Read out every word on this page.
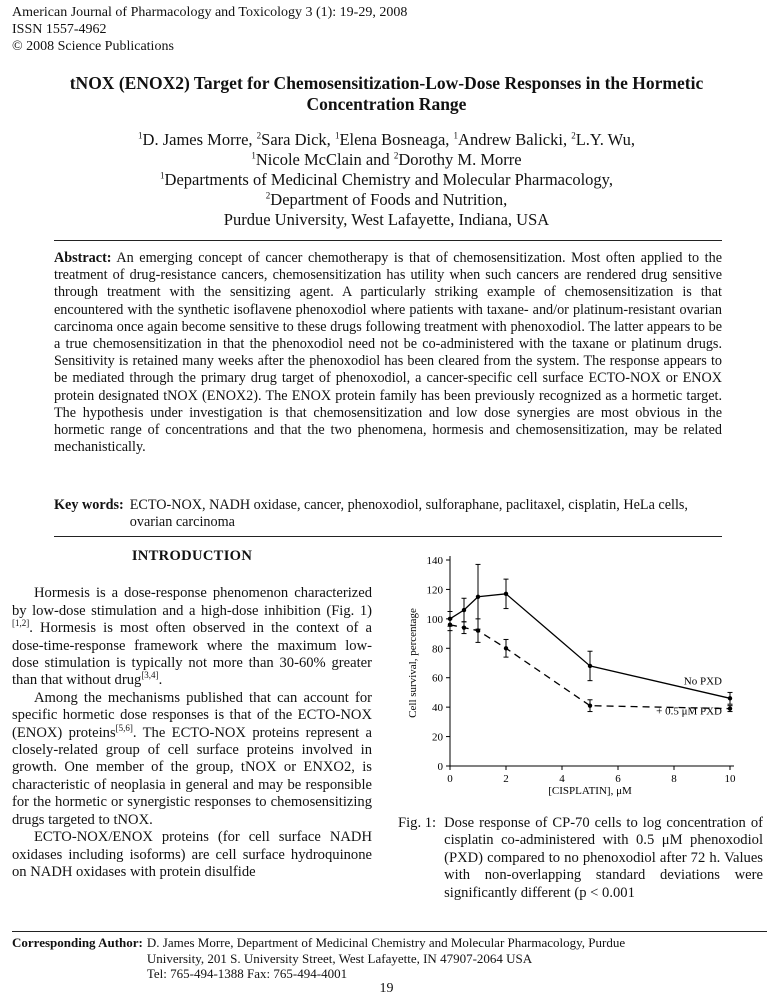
American Journal of Pharmacology and Toxicology 3 (1): 19-29, 2008
ISSN 1557-4962
© 2008 Science Publications
tNOX (ENOX2) Target for Chemosensitization-Low-Dose Responses in the Hormetic Concentration Range

$^1$D. James Morre, $^2$Sara Dick, $^1$Elena Bosneaga, $^1$Andrew Balicki, $^2$L.Y. Wu,

$^1$Nicole McClain and $^2$Dorothy M. Morre

$^1$Departments of Medicinal Chemistry and Molecular Pharmacology,

$^2$Department of Foods and Nutrition,

Purdue University, West Lafayette, Indiana, USA

Abstract: An emerging concept of cancer chemotherapy is that of chemosensitization. Most often applied to the treatment of drug-resistance cancers, chemosensitization has utility when such cancers are rendered drug sensitive through treatment with the sensitizing agent. A particularly striking example of chemosensitization is that encountered with the synthetic isoflavene phenoxodiol where patients with taxane- and/or platinum-resistant ovarian carcinoma once again become sensitive to these drugs following treatment with phenoxodiol. The latter appears to be a true chemosensitization in that the phenoxodiol need not be co-administered with the taxane or platinum drugs. Sensitivity is retained many weeks after the phenoxodiol has been cleared from the system. The response appears to be mediated through the primary drug target of phenoxodiol, a cancer-specific cell surface ECTO-NOX or ENOX protein designated tNOX (ENOX2). The ENOX protein family has been previously recognized as a hormetic target. The hypothesis under investigation is that chemosensitization and low dose synergies are most obvious in the hormetic range of concentrations and that the two phenomena, hormesis and chemosensitization, may be related mechanistically.
Key words: ECTO-NOX, NADH oxidase, cancer, phenoxodiol, sulforaphane, paclitaxel, cisplatin, HeLa cells, ovarian carcinoma
INTRODUCTION

Hormesis is a dose-response phenomenon characterized by low-dose stimulation and a high-dose inhibition (Fig. 1)[1,2]. Hormesis is most often observed in the context of a dose-time-response framework where the maximum low-dose stimulation is typically not more than 30-60% greater than that without drug[3,4].

Among the mechanisms published that can account for specific hormetic dose responses is that of the ECTO-NOX (ENOX) proteins[5,6]. The ECTO-NOX proteins represent a closely-related group of cell surface proteins involved in growth. One member of the group, tNOX or ENXO2, is characteristic of neoplasia in general and may be responsible for the hormetic or synergistic responses to chemosensitizing drugs targeted to tNOX.

ECTO-NOX/ENOX proteins (for cell surface NADH oxidases including isoforms) are cell surface hydroquinone on NADH oxidases with protein disulfide

0
20
40
60
80
100
120
140
0	2	4	6	8	10
[CISPLATIN], μM
Cell survival, percentage	No PXD
+ 0.5 μM PXD
Fig. 1: Dose response of CP-70 cells to log concentration of cisplatin co-administered with 0.5 μM phenoxodiol (PXD) compared to no phenoxodiol after 72 h. Values with non-overlapping standard deviations were significantly different (p < 0.001
Corresponding Author: D. James Morre, Department of Medicinal Chemistry and Molecular Pharmacology, Purdue
University, 201 S. University Street, West Lafayette, IN 47907-2064 USA
Tel: 765-494-1388 Fax: 765-494-4001
19
